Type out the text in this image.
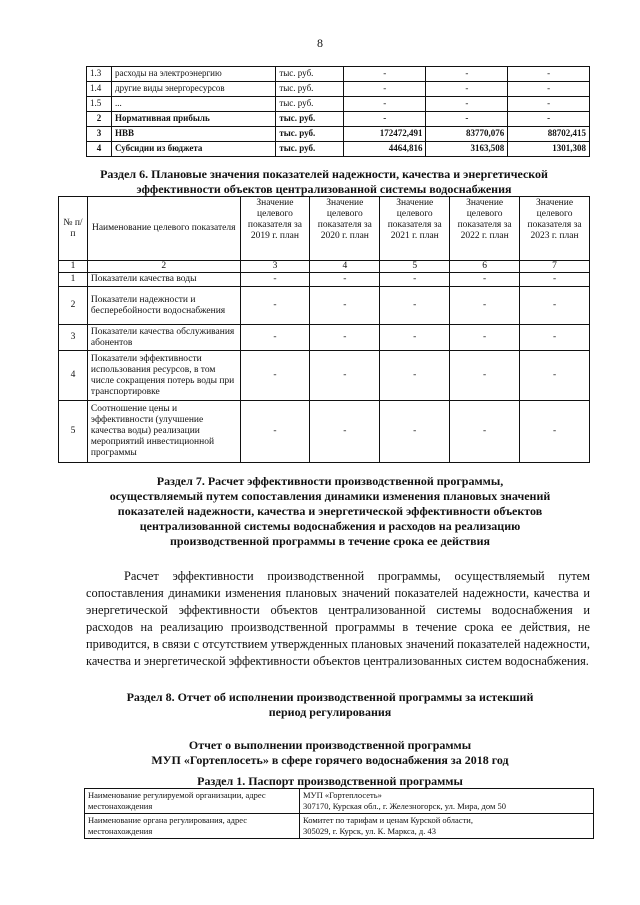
8
1.3	расходы на электроэнергию	тыс. руб.	-	-	-
1.4	другие виды энергоресурсов	тыс. руб.	-	-	-
1.5	...	тыс. руб.	-	-	-
2	Нормативная прибыль	тыс. руб.	-	-	-
3	НВВ	тыс. руб.	172472,491	83770,076	88702,415
4	Субсидии из бюджета	тыс. руб.	4464,816	3163,508	1301,308
Раздел 6. Плановые значения показателей надежности, качества и энергетической
эффективности объектов централизованной системы водоснабжения
№ п/п	Наименование целевого показателя	Значение целевого показателя за 2019 г. план	Значение целевого показателя за 2020 г. план	Значение целевого показателя за 2021 г. план	Значение целевого показателя за 2022 г. план	Значение целевого показателя за 2023 г. план
1	2	3	4	5	6	7
1	Показатели качества воды	-	-	-	-	-
2	Показатели надежности и бесперебойности водоснабжения	-	-	-	-	-
3	Показатели качества обслуживания абонентов	-	-	-	-	-
4	Показатели эффективности использования ресурсов, в том числе сокращения потерь воды при транспортировке	-	-	-	-	-
5	Соотношение цены и эффективности (улучшение качества воды) реализации мероприятий инвестиционной программы	-	-	-	-	-
Раздел 7. Расчет эффективности производственной программы,
осуществляемый путем сопоставления динамики изменения плановых значений
показателей надежности, качества и энергетической эффективности объектов
централизованной системы водоснабжения и расходов на реализацию
производственной программы в течение срока ее действия

Расчет эффективности производственной программы, осуществляемый путем сопоставления динамики изменения плановых значений показателей надежности, качества и энергетической эффективности объектов централизованной системы водоснабжения и расходов на реализацию производственной программы в течение срока ее действия, не приводится, в связи с отсутствием утвержденных плановых значений показателей надежности, качества и энергетической эффективности объектов централизованных систем водоснабжения.

Раздел 8. Отчет об исполнении производственной программы за истекший
период регулирования
Отчет о выполнении производственной программы
МУП «Гортеплосеть» в сфере горячего водоснабжения за 2018 год
Раздел 1. Паспорт производственной программы
Наименование регулируемой организации, адрес местонахождения	МУП «Гортеплосеть»
307170, Курская обл., г. Железногорск, ул. Мира, дом 50
Наименование органа регулирования, адрес местонахождения	Комитет по тарифам и ценам Курской области,
305029, г. Курск, ул. К. Маркса, д. 43
